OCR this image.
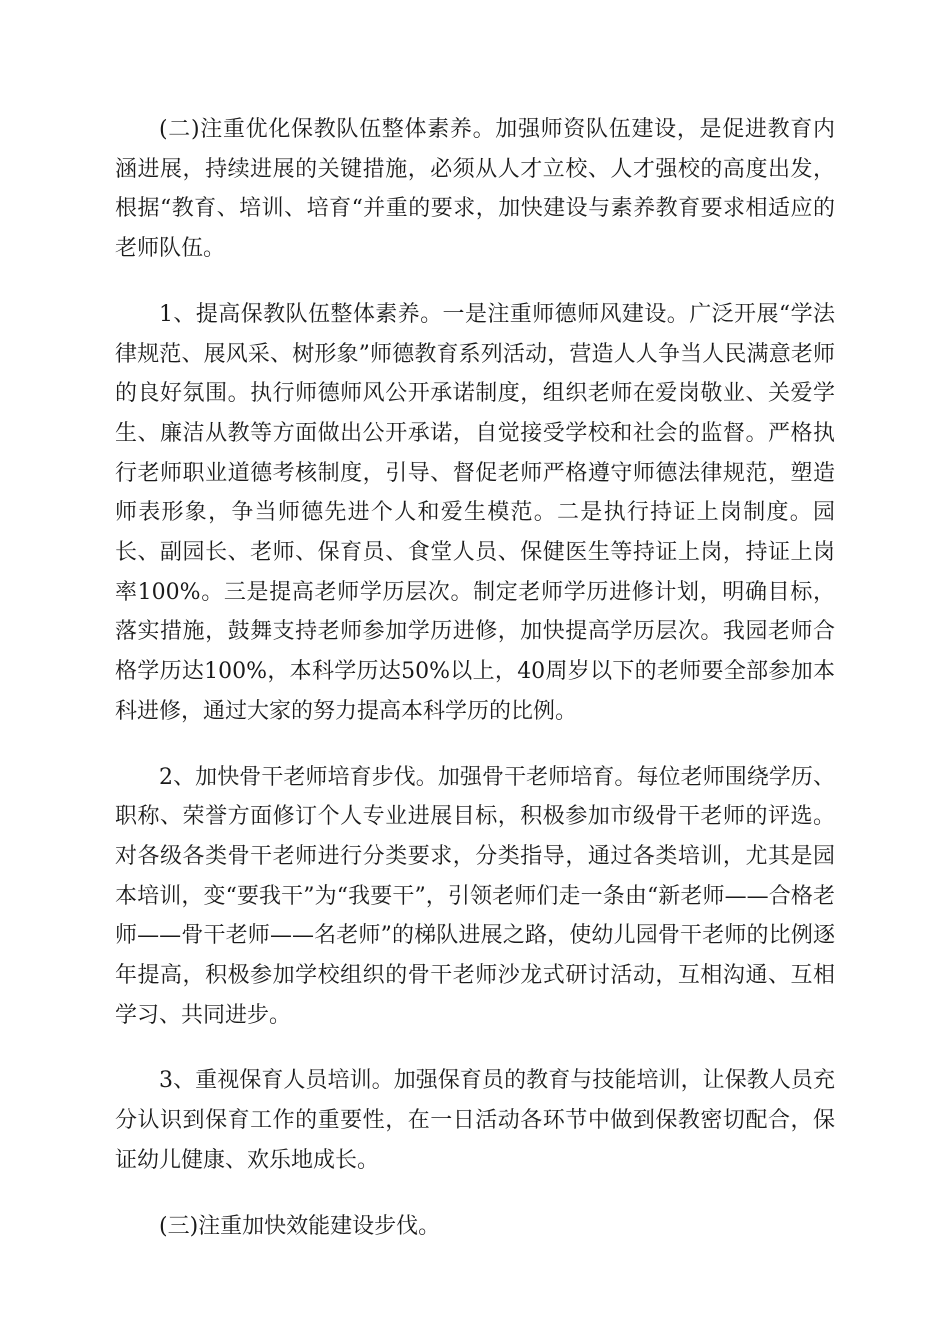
(二)注重优化保教队伍整体素养。加强师资队伍建设，是促进教育内涵进展，持续进展的关键措施，必须从人才立校、人才强校的高度出发，根据“教育、培训、培育“并重的要求，加快建设与素养教育要求相适应的老师队伍。

1、提高保教队伍整体素养。一是注重师德师风建设。广泛开展“学法律规范、展风采、树形象”师德教育系列活动，营造人人争当人民满意老师的良好氛围。执行师德师风公开承诺制度，组织老师在爱岗敬业、关爱学生、廉洁从教等方面做出公开承诺，自觉接受学校和社会的监督。严格执行老师职业道德考核制度，引导、督促老师严格遵守师德法律规范，塑造师表形象，争当师德先进个人和爱生模范。二是执行持证上岗制度。园长、副园长、老师、保育员、食堂人员、保健医生等持证上岗，持证上岗率100%。三是提高老师学历层次。制定老师学历进修计划，明确目标，落实措施，鼓舞支持老师参加学历进修，加快提高学历层次。我园老师合格学历达100%，本科学历达50%以上，40周岁以下的老师要全部参加本科进修，通过大家的努力提高本科学历的比例。

2、加快骨干老师培育步伐。加强骨干老师培育。每位老师围绕学历、职称、荣誉方面修订个人专业进展目标，积极参加市级骨干老师的评选。对各级各类骨干老师进行分类要求，分类指导，通过各类培训，尤其是园本培训，变“要我干”为“我要干”，引领老师们走一条由“新老师——合格老师——骨干老师——名老师”的梯队进展之路，使幼儿园骨干老师的比例逐年提高，积极参加学校组织的骨干老师沙龙式研讨活动，互相沟通、互相学习、共同进步。

3、重视保育人员培训。加强保育员的教育与技能培训，让保教人员充分认识到保育工作的重要性，在一日活动各环节中做到保教密切配合，保证幼儿健康、欢乐地成长。

(三)注重加快效能建设步伐。
